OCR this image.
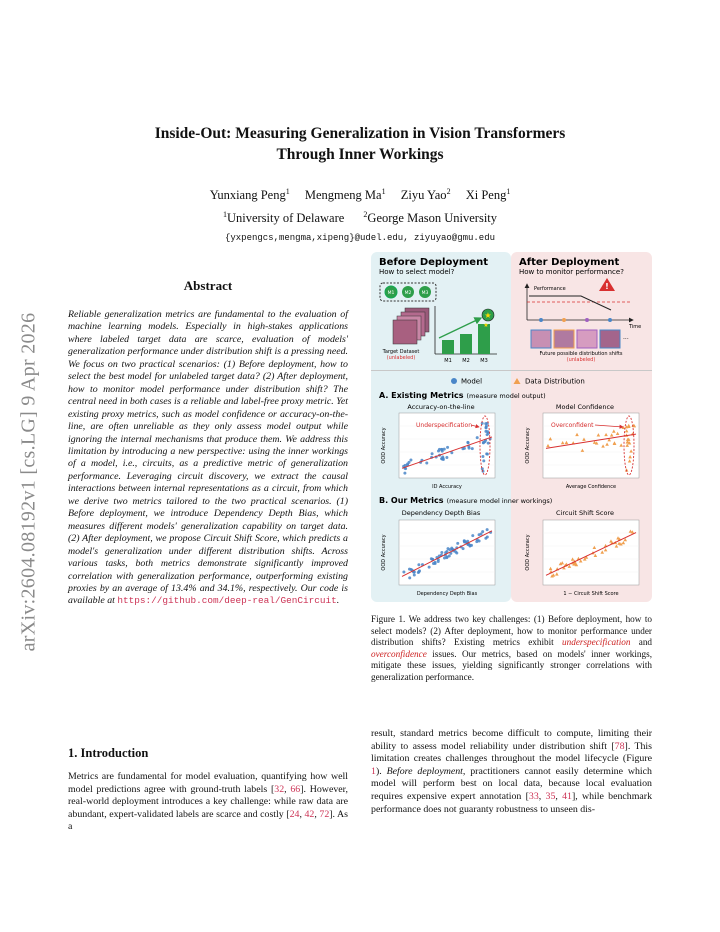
arXiv:2604.08192v1 [cs.LG] 9 Apr 2026
Inside-Out: Measuring Generalization in Vision Transformers
Through Inner Workings
Yunxiang Peng$^1$ Mengmeng Ma$^1$ Ziyu Yao$^2$ Xi Peng$^1$
$^1$University of Delaware $^2$George Mason University
{yxpengcs,mengma,xipeng}@udel.edu, ziyuyao@gmu.edu
Abstract
Reliable generalization metrics are fundamental to the evaluation of machine learning models. Especially in high-stakes applications where labeled target data are scarce, evaluation of models' generalization performance under distribution shift is a pressing need. We focus on two practical scenarios: (1) Before deployment, how to select the best model for unlabeled target data? (2) After deployment, how to monitor model performance under distribution shift? The central need in both cases is a reliable and label-free proxy metric. Yet existing proxy metrics, such as model confidence or accuracy-on-the-line, are often unreliable as they only assess model output while ignoring the internal mechanisms that produce them. We address this limitation by introducing a new perspective: using the inner workings of a model, i.e., circuits, as a predictive metric of generalization performance. Leveraging circuit discovery, we extract the causal interactions between internal representations as a circuit, from which we derive two metrics tailored to the two practical scenarios. (1) Before deployment, we introduce Dependency Depth Bias, which measures different models' generalization capability on target data. (2) After deployment, we propose Circuit Shift Score, which predicts a model's generalization under different distribution shifts. Across various tasks, both metrics demonstrate significantly improved correlation with generalization performance, outperforming existing proxies by an average of 13.4% and 34.1%, respectively. Our code is available at https://github.com/deep-real/GenCircuit.
1. Introduction
Metrics are fundamental for model evaluation, quantifying how well model predictions agree with ground-truth labels [32, 66]. However, real-world deployment introduces a key challenge: while raw data are abundant, expert-validated labels are scarce and costly [24, 42, 72]. As a
result, standard metrics become difficult to compute, limiting their ability to assess model reliability under distribution shift [78]. This limitation creates challenges throughout the model lifecycle (Figure 1). Before deployment, practitioners cannot easily determine which model will perform best on local data, because local evaluation requires expensive expert annotation [33, 35, 41], while benchmark performance does not guaranty robustness to unseen dis-
Figure 1. We address two key challenges: (1) Before deployment, how to select models? (2) After deployment, how to monitor performance under distribution shifts? Existing metrics exhibit underspecification and overconfidence issues. Our metrics, based on models' inner workings, mitigate these issues, yielding significantly stronger correlations with generalization performance.
Before Deployment
How to select model?
M1 M2 M3
Target Dataset
(unlabeled)
★
★
M1 M2 M3
After Deployment
How to monitor performance?
Performance
Time
!
···
Future possible distribution shifts
(unlabeled)
Model	Data Distribution
A. Existing Metrics (measure model output)
Accuracy-on-the-line	Model Confidence
OOD Accuracy
ID Accuracy
Underspecification
OOD Accuracy
Average Confidence
Overconfident
B. Our Metrics (measure model inner workings)
Dependency Depth Bias	Circuit Shift Score
OOD Accuracy
Dependency Depth Bias
OOD Accuracy
1 − Circuit Shift Score
